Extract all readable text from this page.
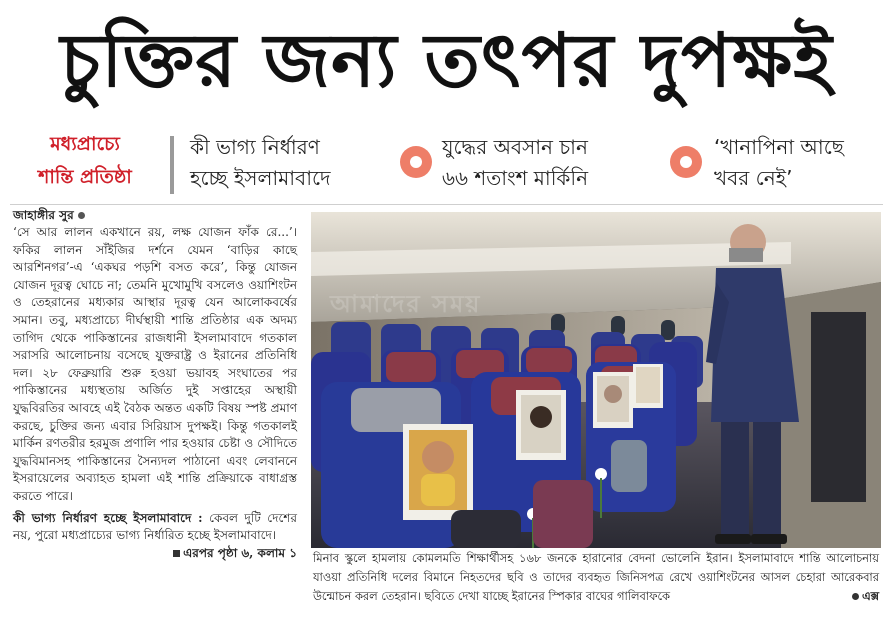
চুক্তির জন্য তৎপর দুপক্ষই
মধ্যপ্রাচ্যে
শান্তি প্রতিষ্ঠা
কী ভাগ্য নির্ধারণ
হচ্ছে ইসলামাবাদে
যুদ্ধের অবসান চান
৬৬ শতাংশ মার্কিনি
‘খানাপিনা আছে
খবর নেই’
জাহাঙ্গীর সুর

‘সে আর লালন একখানে রয়, লক্ষ যোজন ফাঁক রে...’। ফকির লালন সাঁইজির দর্শনে যেমন ‘বাড়ির কাছে আরশিনগর’-এ ‘একঘর পড়শি বসত করে’, কিন্তু যোজন যোজন দূরত্ব ঘোচে না; তেমনি মুখোমুখি বসলেও ওয়াশিংটন ও তেহরানের মধ্যকার আস্থার দূরত্ব যেন আলোকবর্ষের সমান। তবু, মধ্যপ্রাচ্যে দীর্ঘস্থায়ী শান্তি প্রতিষ্ঠার এক অদম্য তাগিদ থেকে পাকিস্তানের রাজধানী ইসলামাবাদে গতকাল সরাসরি আলোচনায় বসেছে যুক্তরাষ্ট্র ও ইরানের প্রতিনিধি দল। ২৮ ফেব্রুয়ারি শুরু হওয়া ভয়াবহ সংঘাতের পর পাকিস্তানের মধ্যস্থতায় অর্জিত দুই সপ্তাহের অস্থায়ী যুদ্ধবিরতির আবহে এই বৈঠক অন্তত একটি বিষয় স্পষ্ট প্রমাণ করছে, চুক্তির জন্য এবার সিরিয়াস দুপক্ষই। কিন্তু গতকালই মার্কিন রণতরীর হরমুজ প্রণালি পার হওয়ার চেষ্টা ও সৌদিতে যুদ্ধবিমানসহ পাকিস্তানের সৈন্যদল পাঠানো এবং লেবাননে ইসরায়েলের অব্যাহত হামলা এই শান্তি প্রক্রিয়াকে বাধাগ্রস্ত করতে পারে।

কী ভাগ্য নির্ধারণ হচ্ছে ইসলামাবাদে : কেবল দুটি দেশের নয়, পুরো মধ্যপ্রাচ্যের ভাগ্য নির্ধারিত হচ্ছে ইসলামাবাদে।
এরপর পৃষ্ঠা ৬, কলাম ১

আমাদের সময়
মিনাব স্কুলে হামলায় কোমলমতি শিক্ষার্থীসহ ১৬৮ জনকে হারানোর বেদনা ভোলেনি ইরান। ইসলামাবাদে শান্তি আলোচনায় যাওয়া প্রতিনিধি দলের বিমানে নিহতদের ছবি ও তাদের ব্যবহৃত জিনিসপত্র রেখে ওয়াশিংটনের আসল চেহারা আরেকবার উন্মোচন করল তেহরান। ছবিতে দেখা যাচ্ছে ইরানের স্পিকার বাঘের গালিবাফকে	এক্স
